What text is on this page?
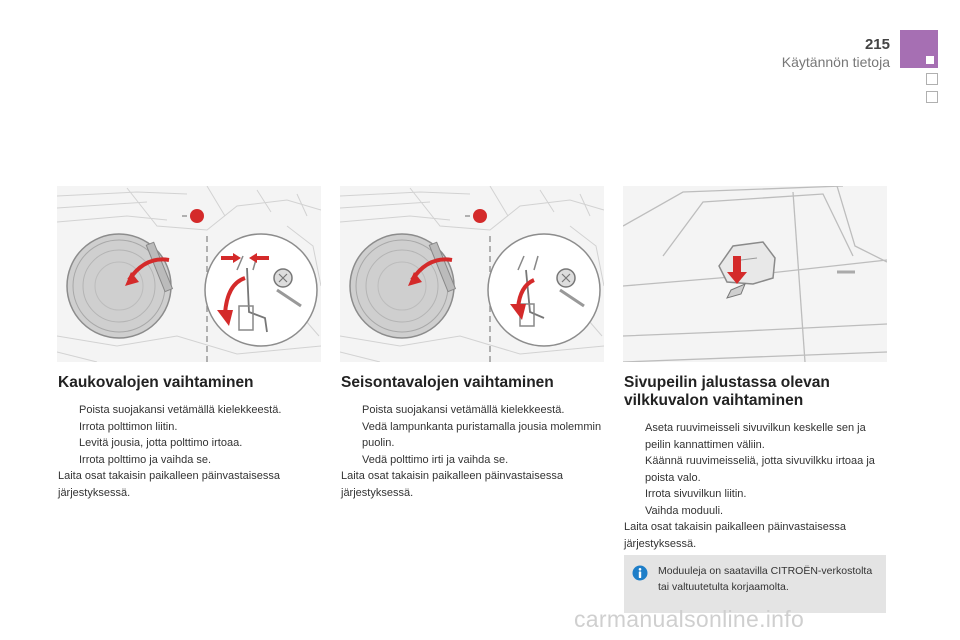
215
Käytännön tietoja
Kaukovalojen vaihtaminen
Poista suojakansi vetämällä kielekkeestä.
Irrota polttimon liitin.
Levitä jousia, jotta polttimo irtoaa.
Irrota polttimo ja vaihda se.

Laita osat takaisin paikalleen päinvastaisessa järjestyksessä.

Seisontavalojen vaihtaminen
Poista suojakansi vetämällä kielekkeestä.
Vedä lampunkanta puristamalla jousia molemmin puolin.
Vedä polttimo irti ja vaihda se.

Laita osat takaisin paikalleen päinvastaisessa järjestyksessä.

Sivupeilin jalustassa olevan
vilkkuvalon vaihtaminen
Aseta ruuvimeisseli sivuvilkun keskelle sen ja peilin kannattimen väliin.
Käännä ruuvimeisseliä, jotta sivuvilkku irtoaa ja poista valo.
Irrota sivuvilkun liitin.
Vaihda moduuli.

Laita osat takaisin paikalleen päinvastaisessa järjestyksessä.

Moduuleja on saatavilla CITROËN-verkostolta tai valtuutetulta korjaamolta.
carmanualsonline.info
